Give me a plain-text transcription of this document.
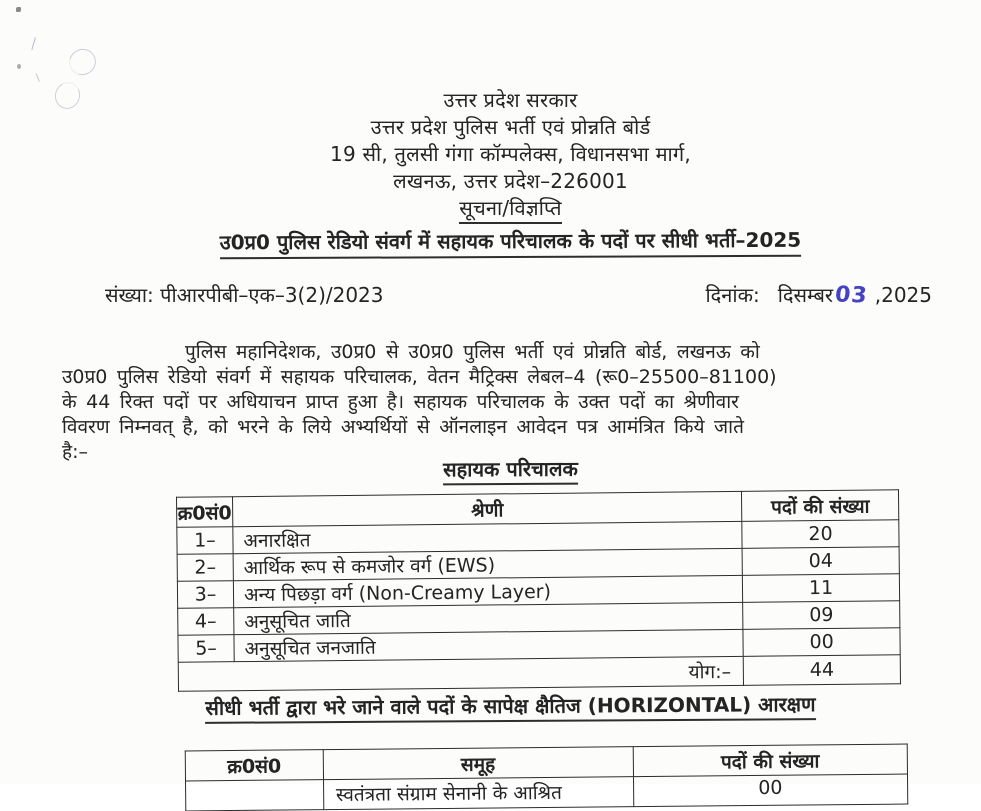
उत्तर प्रदेश सरकार
उत्तर प्रदेश पुलिस भर्ती एवं प्रोन्नति बोर्ड
19 सी, तुलसी गंगा कॉम्पलेक्स, विधानसभा मार्ग,
लखनऊ, उत्तर प्रदेश–226001
सूचना/विज्ञप्ति
उ0प्र0 पुलिस रेडियो संवर्ग में सहायक परिचालक के पदों पर सीधी भर्ती–2025
संख्या: पीआरपीबी–एक–3(2)/2023	दिनांक: दिसम्बर 03 ,2025
पुलिस महानिदेशक, उ0प्र0 से उ0प्र0 पुलिस भर्ती एवं प्रोन्नति बोर्ड, लखनऊ को
उ0प्र0 पुलिस रेडियो संवर्ग में सहायक परिचालक, वेतन मैट्रिक्स लेबल–4 (रू0–25500–81100)
के 44 रिक्त पदों पर अधियाचन प्राप्त हुआ है। सहायक परिचालक के उक्त पदों का श्रेणीवार
विवरण निम्नवत् है, को भरने के लिये अभ्यर्थियों से ऑनलाइन आवेदन पत्र आमंत्रित किये जाते
है:–
सहायक परिचालक
क्र0सं0	श्रेणी	पदों की संख्या
1–	अनारक्षित	20
2–	आर्थिक रूप से कमजोर वर्ग (EWS)	04
3–	अन्य पिछड़ा वर्ग (Non-Creamy Layer)	11
4–	अनुसूचित जाति	09
5–	अनुसूचित जनजाति	00
योग:–		44
सीधी भर्ती द्वारा भरे जाने वाले पदों के सापेक्ष क्षैतिज (HORIZONTAL) आरक्षण
क्र0सं0	समूह	पदों की संख्या
	स्वतंत्रता संग्राम सेनानी के आश्रित	00
